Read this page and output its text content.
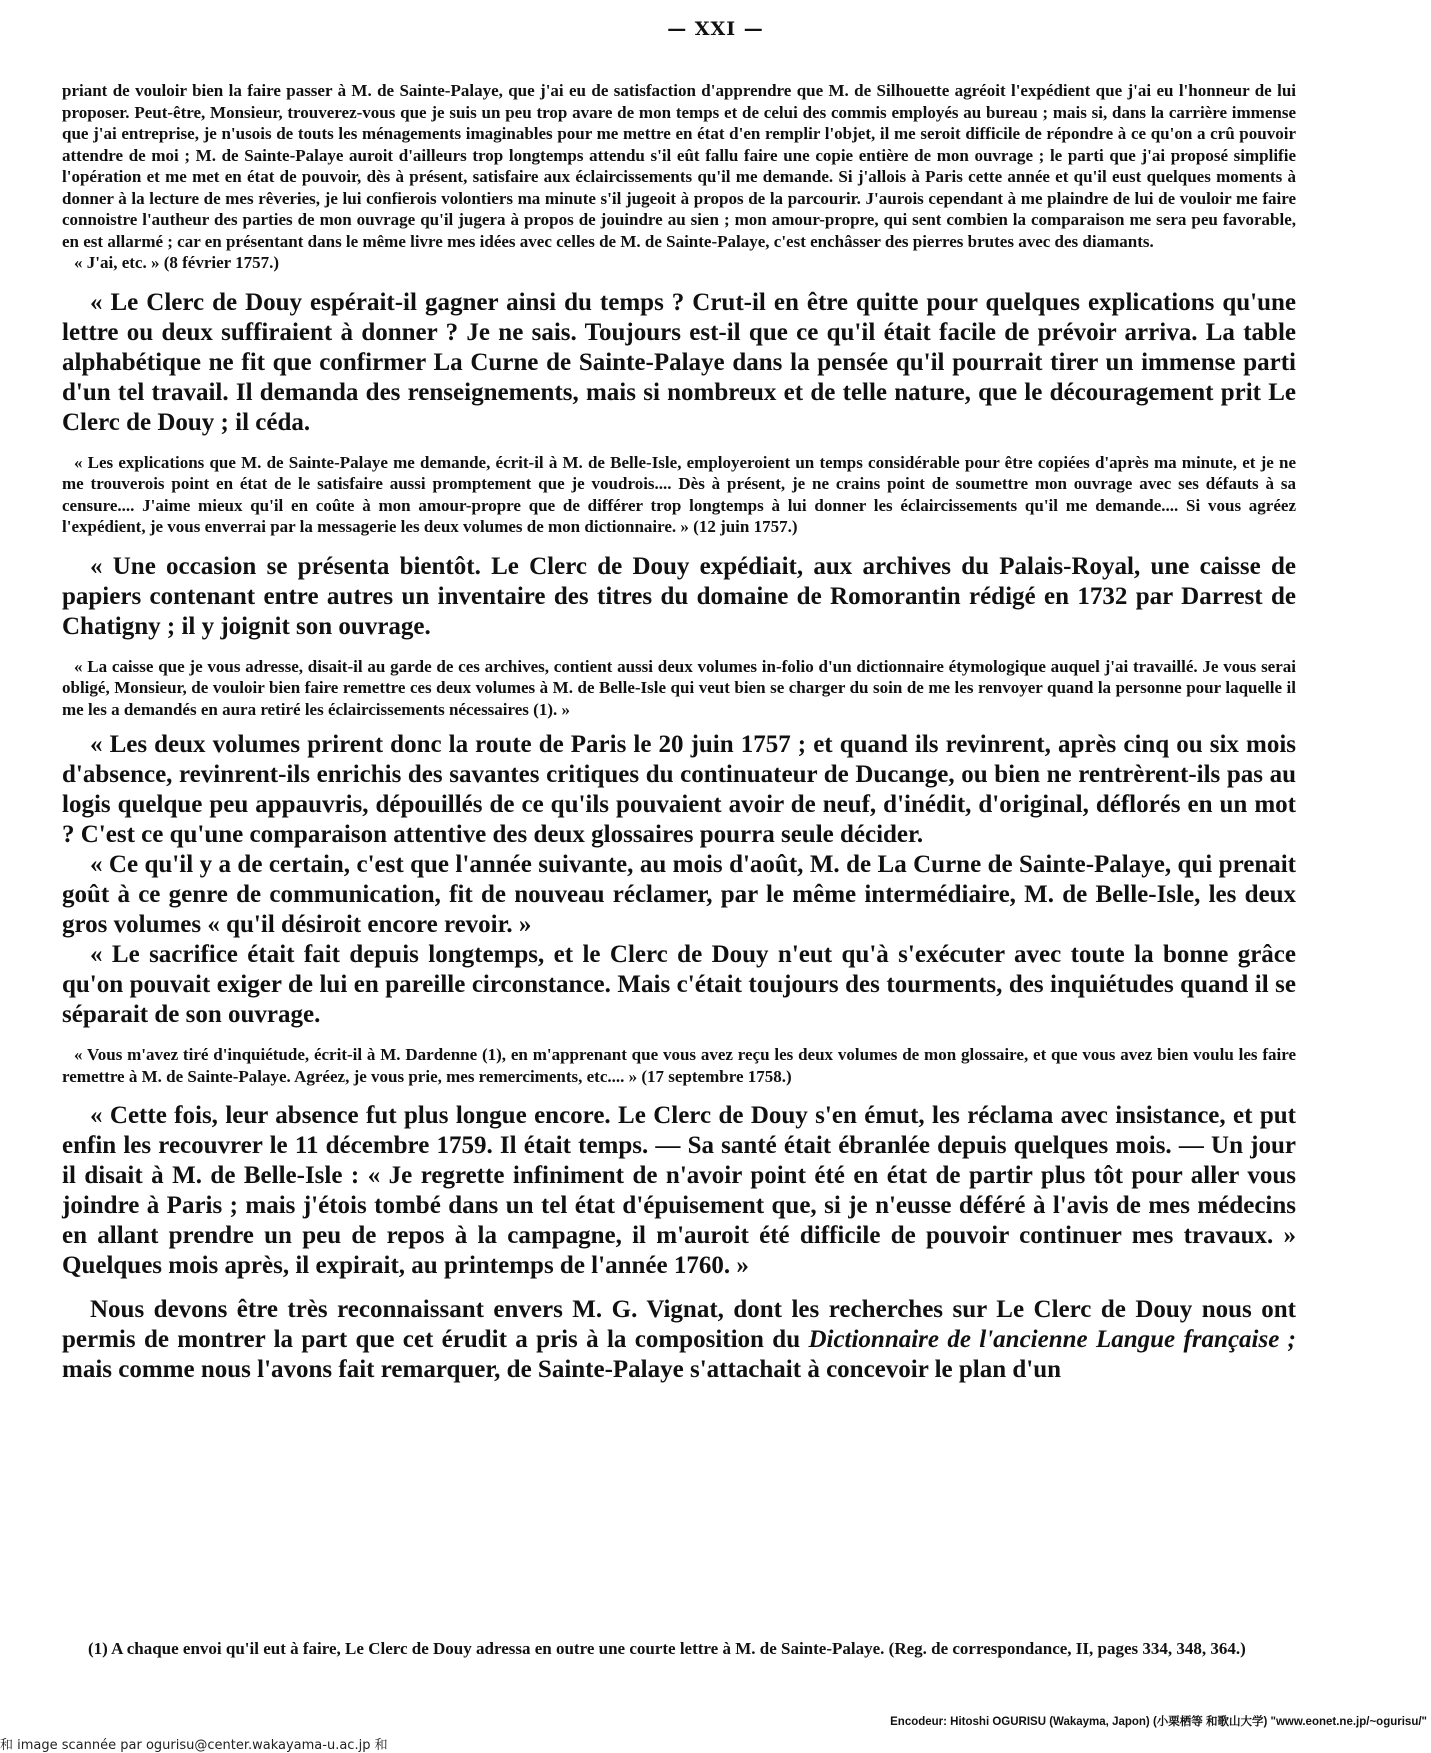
— XXI —

priant de vouloir bien la faire passer à M. de Sainte-Palaye, que j'ai eu de satisfaction d'apprendre que M. de Silhouette agréoit l'expédient que j'ai eu l'honneur de lui proposer. Peut-être, Monsieur, trouverez-vous que je suis un peu trop avare de mon temps et de celui des commis employés au bureau ; mais si, dans la carrière immense que j'ai entreprise, je n'usois de touts les ménagements imaginables pour me mettre en état d'en remplir l'objet, il me seroit difficile de répondre à ce qu'on a crû pouvoir attendre de moi ; M. de Sainte-Palaye auroit d'ailleurs trop longtemps attendu s'il eût fallu faire une copie entière de mon ouvrage ; le parti que j'ai proposé simplifie l'opération et me met en état de pouvoir, dès à présent, satisfaire aux éclaircissements qu'il me demande. Si j'allois à Paris cette année et qu'il eust quelques moments à donner à la lecture de mes rêveries, je lui confierois volontiers ma minute s'il jugeoit à propos de la parcourir. J'aurois cependant à me plaindre de lui de vouloir me faire connoistre l'autheur des parties de mon ouvrage qu'il jugera à propos de jouindre au sien ; mon amour-propre, qui sent combien la comparaison me sera peu favorable, en est allarmé ; car en présentant dans le même livre mes idées avec celles de M. de Sainte-Palaye, c'est enchâsser des pierres brutes avec des diamants.

« J'ai, etc. » (8 février 1757.)

« Le Clerc de Douy espérait-il gagner ainsi du temps ? Crut-il en être quitte pour quelques explications qu'une lettre ou deux suffiraient à donner ? Je ne sais. Toujours est-il que ce qu'il était facile de prévoir arriva. La table alphabétique ne fit que confirmer La Curne de Sainte-Palaye dans la pensée qu'il pourrait tirer un immense parti d'un tel travail. Il demanda des renseignements, mais si nombreux et de telle nature, que le découragement prit Le Clerc de Douy ; il céda.

« Les explications que M. de Sainte-Palaye me demande, écrit-il à M. de Belle-Isle, employeroient un temps considérable pour être copiées d'après ma minute, et je ne me trouverois point en état de le satisfaire aussi promptement que je voudrois.... Dès à présent, je ne crains point de soumettre mon ouvrage avec ses défauts à sa censure.... J'aime mieux qu'il en coûte à mon amour-propre que de différer trop longtemps à lui donner les éclaircissements qu'il me demande.... Si vous agréez l'expédient, je vous enverrai par la messagerie les deux volumes de mon dictionnaire. » (12 juin 1757.)

« Une occasion se présenta bientôt. Le Clerc de Douy expédiait, aux archives du Palais-Royal, une caisse de papiers contenant entre autres un inventaire des titres du domaine de Romorantin rédigé en 1732 par Darrest de Chatigny ; il y joignit son ouvrage.

« La caisse que je vous adresse, disait-il au garde de ces archives, contient aussi deux volumes in-folio d'un dictionnaire étymologique auquel j'ai travaillé. Je vous serai obligé, Monsieur, de vouloir bien faire remettre ces deux volumes à M. de Belle-Isle qui veut bien se charger du soin de me les renvoyer quand la personne pour laquelle il me les a demandés en aura retiré les éclaircissements nécessaires (1). »

« Les deux volumes prirent donc la route de Paris le 20 juin 1757 ; et quand ils revinrent, après cinq ou six mois d'absence, revinrent-ils enrichis des savantes critiques du continuateur de Ducange, ou bien ne rentrèrent-ils pas au logis quelque peu appauvris, dépouillés de ce qu'ils pouvaient avoir de neuf, d'inédit, d'original, déflorés en un mot ? C'est ce qu'une comparaison attentive des deux glossaires pourra seule décider.

« Ce qu'il y a de certain, c'est que l'année suivante, au mois d'août, M. de La Curne de Sainte-Palaye, qui prenait goût à ce genre de communication, fit de nouveau réclamer, par le même intermédiaire, M. de Belle-Isle, les deux gros volumes « qu'il désiroit encore revoir. »

« Le sacrifice était fait depuis longtemps, et le Clerc de Douy n'eut qu'à s'exécuter avec toute la bonne grâce qu'on pouvait exiger de lui en pareille circonstance. Mais c'était toujours des tourments, des inquiétudes quand il se séparait de son ouvrage.

« Vous m'avez tiré d'inquiétude, écrit-il à M. Dardenne (1), en m'apprenant que vous avez reçu les deux volumes de mon glossaire, et que vous avez bien voulu les faire remettre à M. de Sainte-Palaye. Agréez, je vous prie, mes remerciments, etc.... » (17 septembre 1758.)

« Cette fois, leur absence fut plus longue encore. Le Clerc de Douy s'en émut, les réclama avec insistance, et put enfin les recouvrer le 11 décembre 1759. Il était temps. — Sa santé était ébranlée depuis quelques mois. — Un jour il disait à M. de Belle-Isle : « Je regrette infiniment de n'avoir point été en état de partir plus tôt pour aller vous joindre à Paris ; mais j'étois tombé dans un tel état d'épuisement que, si je n'eusse déféré à l'avis de mes médecins en allant prendre un peu de repos à la campagne, il m'auroit été difficile de pouvoir continuer mes travaux. » Quelques mois après, il expirait, au printemps de l'année 1760. »

Nous devons être très reconnaissant envers M. G. Vignat, dont les recherches sur Le Clerc de Douy nous ont permis de montrer la part que cet érudit a pris à la composition du Dictionnaire de l'ancienne Langue française ; mais comme nous l'avons fait remarquer, de Sainte-Palaye s'attachait à concevoir le plan d'un

(1) A chaque envoi qu'il eut à faire, Le Clerc de Douy adressa en outre une courte lettre à M. de Sainte-Palaye. (Reg. de correspondance, II, pages 334, 348, 364.)

Encodeur: Hitoshi OGURISU (Wakayma, Japon) (小栗栖等 和歌山大学) "www.eonet.ne.jp/~ogurisu/"
和 image scannée par ogurisu@center.wakayama-u.ac.jp 和
